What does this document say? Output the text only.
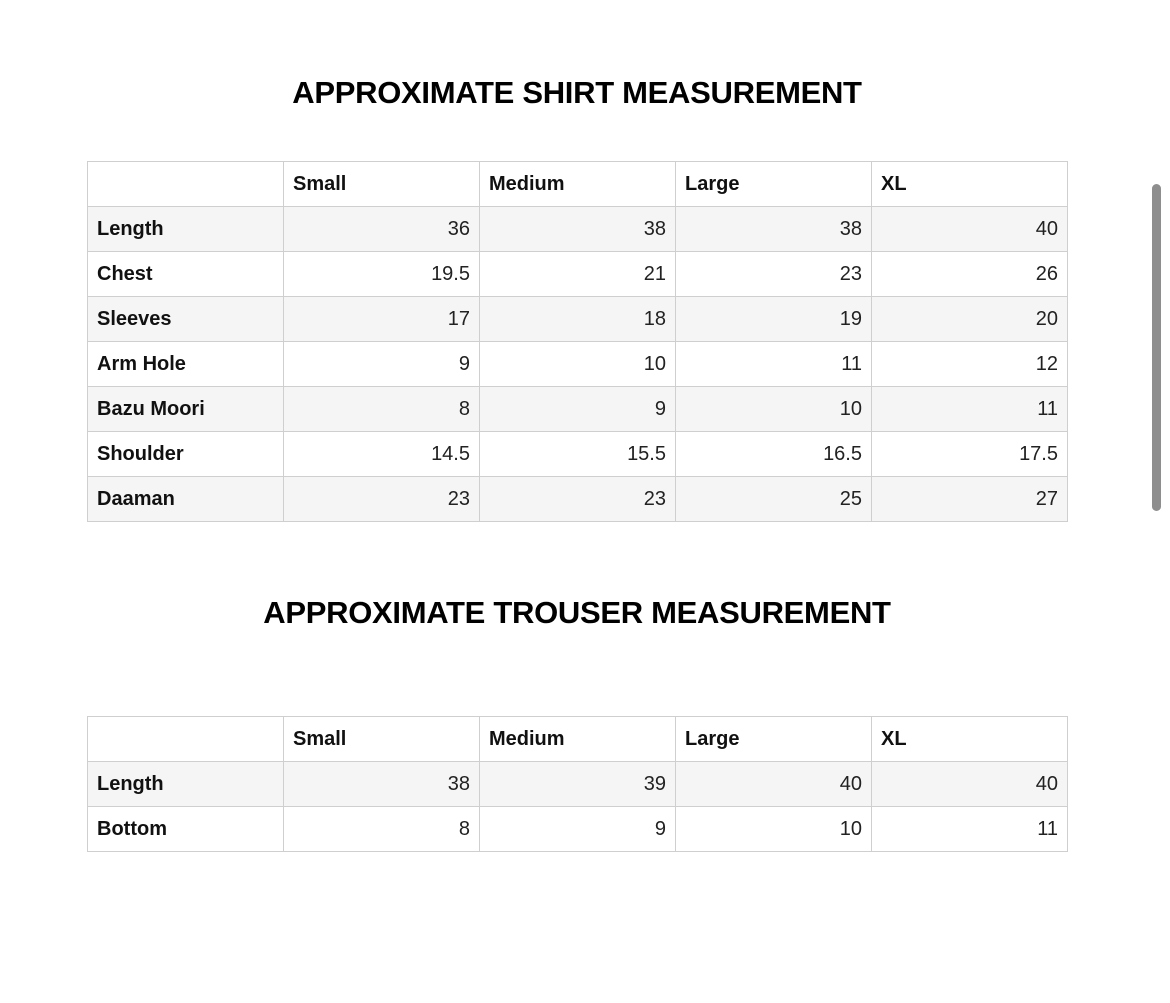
APPROXIMATE SHIRT MEASUREMENT
	Small	Medium	Large	XL
Length	36	38	38	40
Chest	19.5	21	23	26
Sleeves	17	18	19	20
Arm Hole	9	10	11	12
Bazu Moori	8	9	10	11
Shoulder	14.5	15.5	16.5	17.5
Daaman	23	23	25	27
APPROXIMATE TROUSER MEASUREMENT
	Small	Medium	Large	XL
Length	38	39	40	40
Bottom	8	9	10	11
